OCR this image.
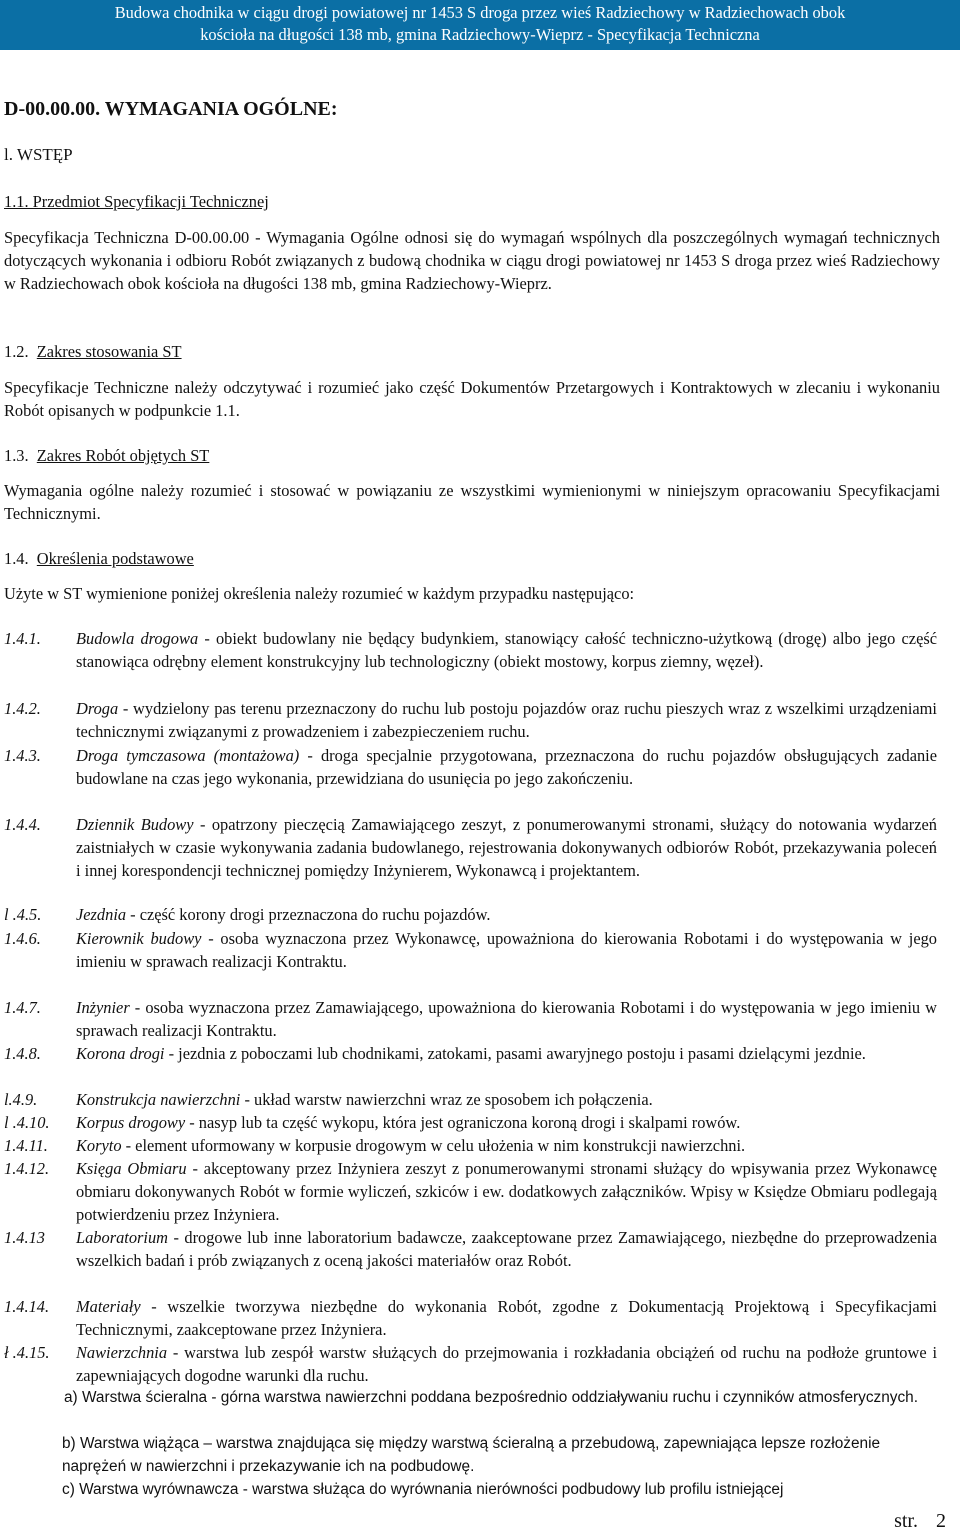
Budowa chodnika w ciągu drogi powiatowej nr 1453 S droga przez wieś Radziechowy w Radziechowach obok
kościoła na długości 138 mb, gmina Radziechowy-Wieprz - Specyfikacja Techniczna
D-00.00.00. WYMAGANIA OGÓLNE:
l. WSTĘP
1.1. Przedmiot Specyfikacji Technicznej
Specyfikacja Techniczna D-00.00.00 - Wymagania Ogólne odnosi się do wymagań wspólnych dla poszczególnych wymagań technicznych dotyczących wykonania i odbioru Robót związanych z budową chodnika w ciągu drogi powiatowej nr 1453 S droga przez wieś Radziechowy w Radziechowach obok kościoła na długości 138 mb, gmina Radziechowy-Wieprz.
1.2. Zakres stosowania ST
Specyfikacje Techniczne należy odczytywać i rozumieć jako część Dokumentów Przetargowych i Kontraktowych w zlecaniu i wykonaniu Robót opisanych w podpunkcie 1.1.
1.3. Zakres Robót objętych ST
Wymagania ogólne należy rozumieć i stosować w powiązaniu ze wszystkimi wymienionymi w niniejszym opracowaniu Specyfikacjami Technicznymi.
1.4. Określenia podstawowe
Użyte w ST wymienione poniżej określenia należy rozumieć w każdym przypadku następująco:
1.4.1. Budowla drogowa - obiekt budowlany nie będący budynkiem, stanowiący całość techniczno-użytkową (drogę) albo jego część stanowiąca odrębny element konstrukcyjny lub technologiczny (obiekt mostowy, korpus ziemny, węzeł).
1.4.2. Droga - wydzielony pas terenu przeznaczony do ruchu lub postoju pojazdów oraz ruchu pieszych wraz z wszelkimi urządzeniami technicznymi związanymi z prowadzeniem i zabezpieczeniem ruchu.
1.4.3. Droga tymczasowa (montażowa) - droga specjalnie przygotowana, przeznaczona do ruchu pojazdów obsługujących zadanie budowlane na czas jego wykonania, przewidziana do usunięcia po jego zakończeniu.
1.4.4. Dziennik Budowy - opatrzony pieczęcią Zamawiającego zeszyt, z ponumerowanymi stronami, służący do notowania wydarzeń zaistniałych w czasie wykonywania zadania budowlanego, rejestrowania dokonywanych odbiorów Robót, przekazywania poleceń i innej korespondencji technicznej pomiędzy Inżynierem, Wykonawcą i projektantem.
l .4.5. Jezdnia - część korony drogi przeznaczona do ruchu pojazdów.
1.4.6. Kierownik budowy - osoba wyznaczona przez Wykonawcę, upoważniona do kierowania Robotami i do występowania w jego imieniu w sprawach realizacji Kontraktu.
1.4.7. Inżynier - osoba wyznaczona przez Zamawiającego, upoważniona do kierowania Robotami i do występowania w jego imieniu w sprawach realizacji Kontraktu.
1.4.8. Korona drogi - jezdnia z poboczami lub chodnikami, zatokami, pasami awaryjnego postoju i pasami dzielącymi jezdnie.
l.4.9. Konstrukcja nawierzchni - układ warstw nawierzchni wraz ze sposobem ich połączenia.
l .4.10. Korpus drogowy - nasyp lub ta część wykopu, która jest ograniczona koroną drogi i skalpami rowów.
1.4.11. Koryto - element uformowany w korpusie drogowym w celu ułożenia w nim konstrukcji nawierzchni.
1.4.12. Księga Obmiaru - akceptowany przez Inżyniera zeszyt z ponumerowanymi stronami służący do wpisywania przez Wykonawcę obmiaru dokonywanych Robót w formie wyliczeń, szkiców i ew. dodatkowych załączników. Wpisy w Księdze Obmiaru podlegają potwierdzeniu przez Inżyniera.
1.4.13 Laboratorium - drogowe lub inne laboratorium badawcze, zaakceptowane przez Zamawiającego, niezbędne do przeprowadzenia wszelkich badań i prób związanych z oceną jakości materiałów oraz Robót.
1.4.14. Materiały - wszelkie tworzywa niezbędne do wykonania Robót, zgodne z Dokumentacją Projektową i Specyfikacjami Technicznymi, zaakceptowane przez Inżyniera.
ł .4.15. Nawierzchnia - warstwa lub zespół warstw służących do przejmowania i rozkładania obciążeń od ruchu na podłoże gruntowe i zapewniających dogodne warunki dla ruchu.
a) Warstwa ścieralna - górna warstwa nawierzchni poddana bezpośrednio oddziaływaniu ruchu i czynników atmosferycznych.
b) Warstwa wiążąca – warstwa znajdująca się między warstwą ścieralną a przebudową, zapewniająca lepsze rozłożenie naprężeń w nawierzchni i przekazywanie ich na podbudowę.
c) Warstwa wyrównawcza - warstwa służąca do wyrównania nierówności podbudowy lub profilu istniejącej
str. 2
